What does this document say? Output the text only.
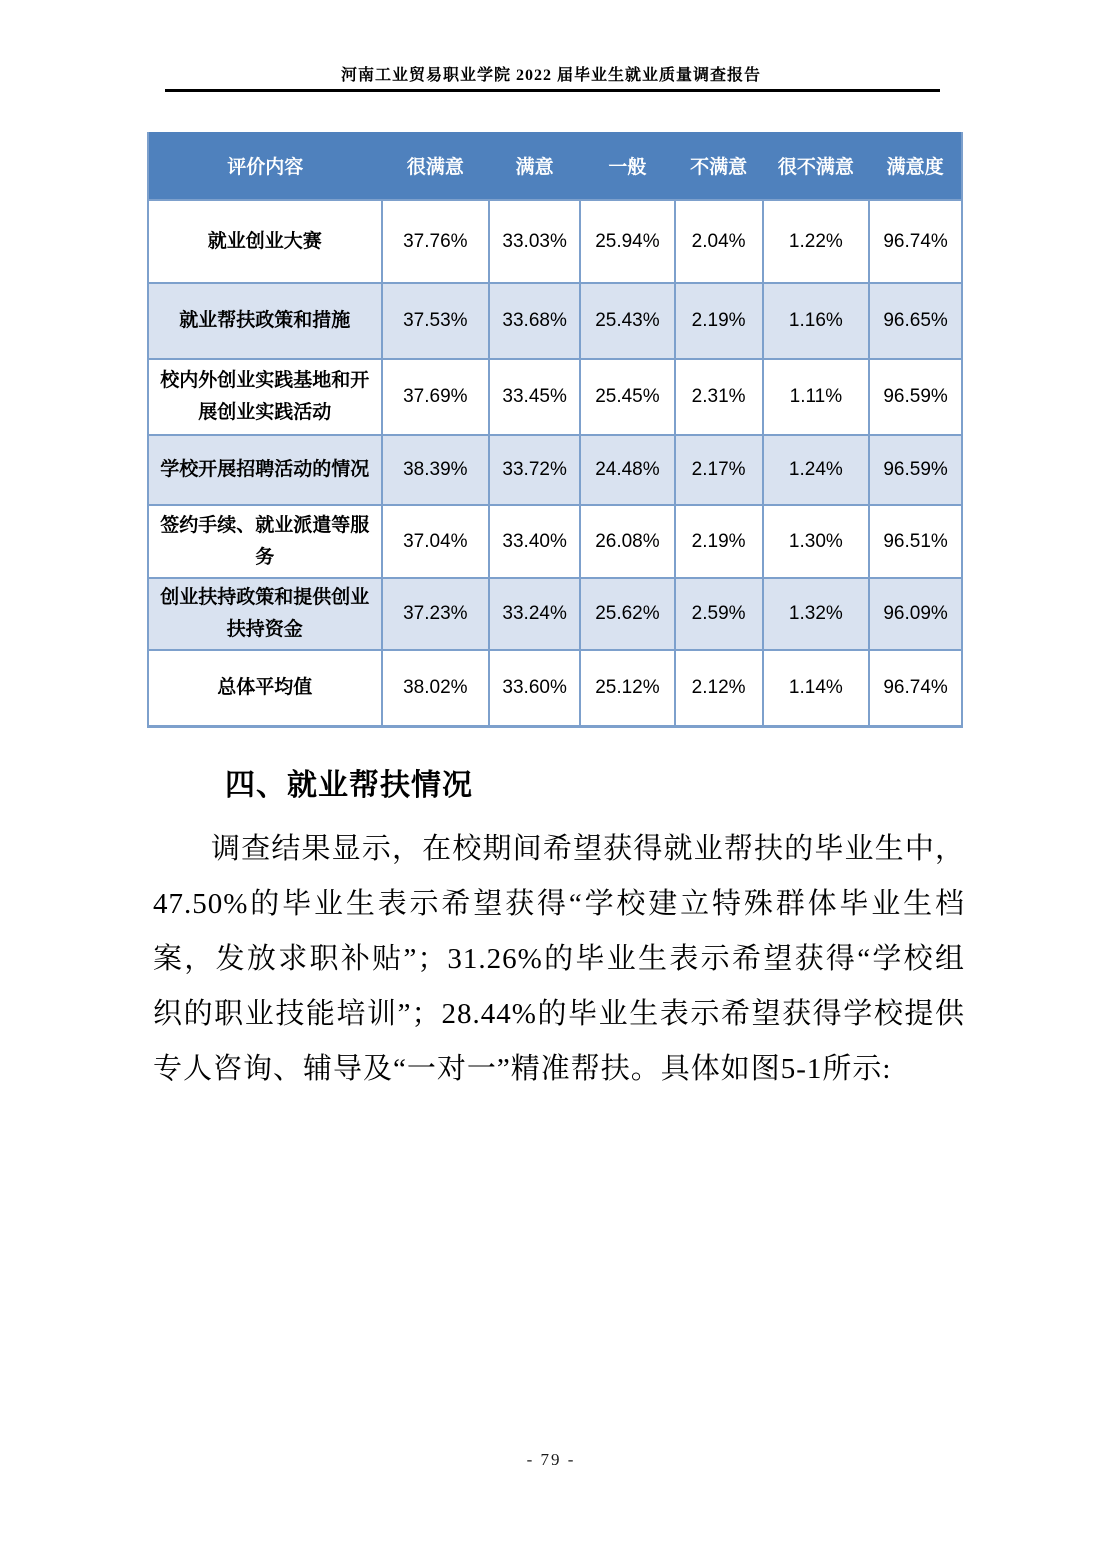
河南工业贸易职业学院 2022 届毕业生就业质量调查报告
评价内容	很满意	满意	一般	不满意	很不满意	满意度
就业创业大赛	37.76%	33.03%	25.94%	2.04%	1.22%	96.74%
就业帮扶政策和措施	37.53%	33.68%	25.43%	2.19%	1.16%	96.65%
校内外创业实践基地和开展创业实践活动	37.69%	33.45%	25.45%	2.31%	1.11%	96.59%
学校开展招聘活动的情况	38.39%	33.72%	24.48%	2.17%	1.24%	96.59%
签约手续、就业派遣等服务	37.04%	33.40%	26.08%	2.19%	1.30%	96.51%
创业扶持政策和提供创业扶持资金	37.23%	33.24%	25.62%	2.59%	1.32%	96.09%
总体平均值	38.02%	33.60%	25.12%	2.12%	1.14%	96.74%
四、就业帮扶情况
调查结果显示，在校期间希望获得就业帮扶的毕业生中，47.50%的毕业生表示希望获得“学校建立特殊群体毕业生档案，发放求职补贴”；31.26%的毕业生表示希望获得“学校组织的职业技能培训”；28.44%的毕业生表示希望获得学校提供专人咨询、辅导及“一对一”精准帮扶。具体如图5-1所示:
- 79 -
